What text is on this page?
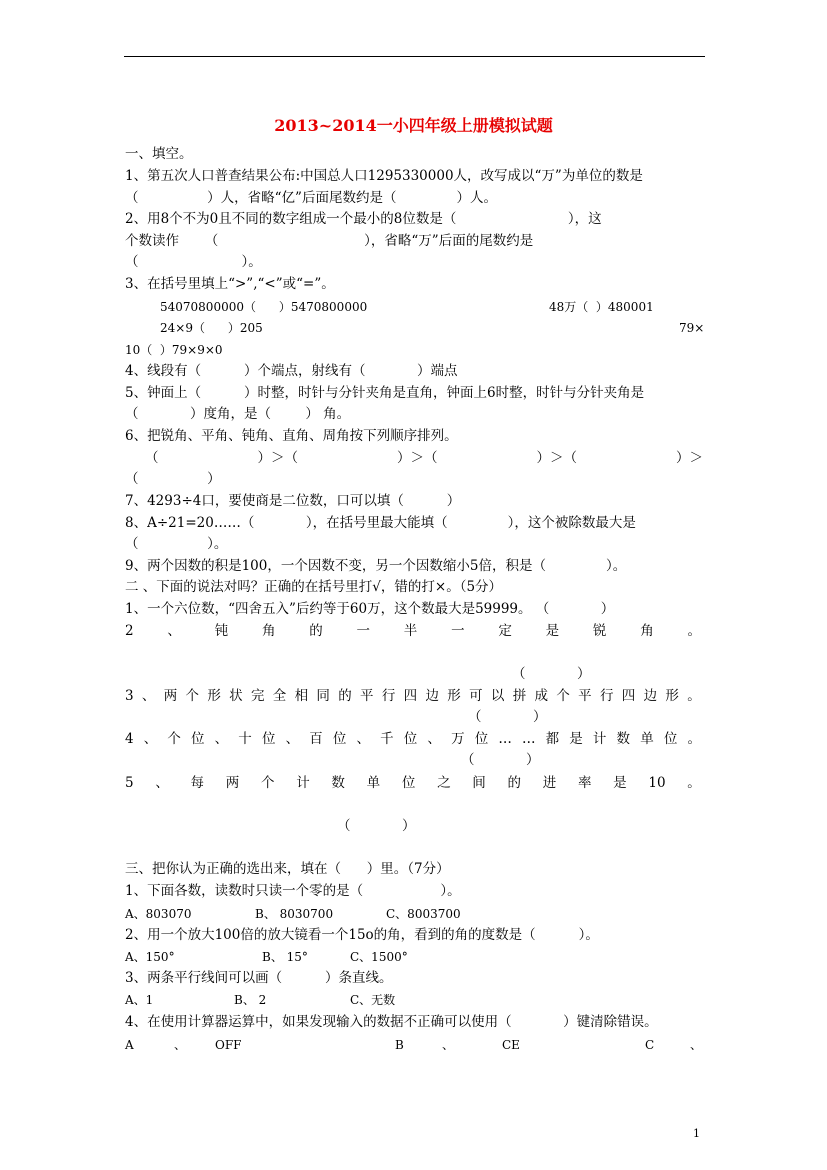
2013~2014一小四年级上册模拟试题
一、填空。
1、第五次人口普查结果公布:中国总人口1295330000人，改写成以“万”为单位的数是
（                ）人，省略“亿”后面尾数约是（              ）人。
2、用8个不为0且不同的数字组成一个最小的8位数是（                          ），这
个数读作      （                                  ），省略“万”后面的尾数约是
（                        ）。
3、在括号里填上“>”,“<”或“=”。
54070800000（      ）5470800000	48万（  ）480001
24×9（      ）205	79×
10（  ）79×9×0
4、线段有（          ）个端点，射线有（            ）端点
5、钟面上（          ）时整，时针与分针夹角是直角，钟面上6时整，时针与分针夹角是
（            ）度角，是（        ） 角。
6、把锐角、平角、钝角、直角、周角按下列顺序排列。
（	）＞（	）＞（	）＞（	）＞
（                ）
7、4293÷4口，要使商是二位数，口可以填（          ）
8、A÷21=20……（            ），在括号里最大能填（              ），这个被除数最大是
（                ）。
9、两个因数的积是100，一个因数不变，另一个因数缩小5倍，积是（              ）。
二 、下面的说法对吗？正确的在括号里打√，错的打×。（5分）
1、一个六位数，“四舍五入”后约等于60万，这个数最大是59999。 （            ）
2	、	钝	角	的	一	半	一	定	是	锐	角	。
（            ）
3 、 两 个 形 状 完 全 相 同 的 平 行 四 边 形 可 以 拼 成 个 平 行 四 边 形 。
（            ）
4 、 个 位 、 十 位 、 百 位 、 千 位 、 万 位 … … 都 是 计 数 单 位 。
（            ）
5 、 每 两 个 计 数 单 位 之 间 的 进 率 是 10 。
（            ）
三、把你认为正确的选出来，填在（      ）里。（7分）
1、下面各数，读数时只读一个零的是（                  ）。
A、803070	B、 8030700	C、8003700
2、用一个放大100倍的放大镜看一个15o的角，看到的角的度数是（          ）。
A、150°	B、 15°	C、1500°
3、两条平行线间可以画（          ）条直线。
A、1	B、 2	C、无数
4、在使用计算器运算中，如果发现输入的数据不正确可以使用（            ）键清除错误。
A	、 OFF	B	、	CE	C	、
1
